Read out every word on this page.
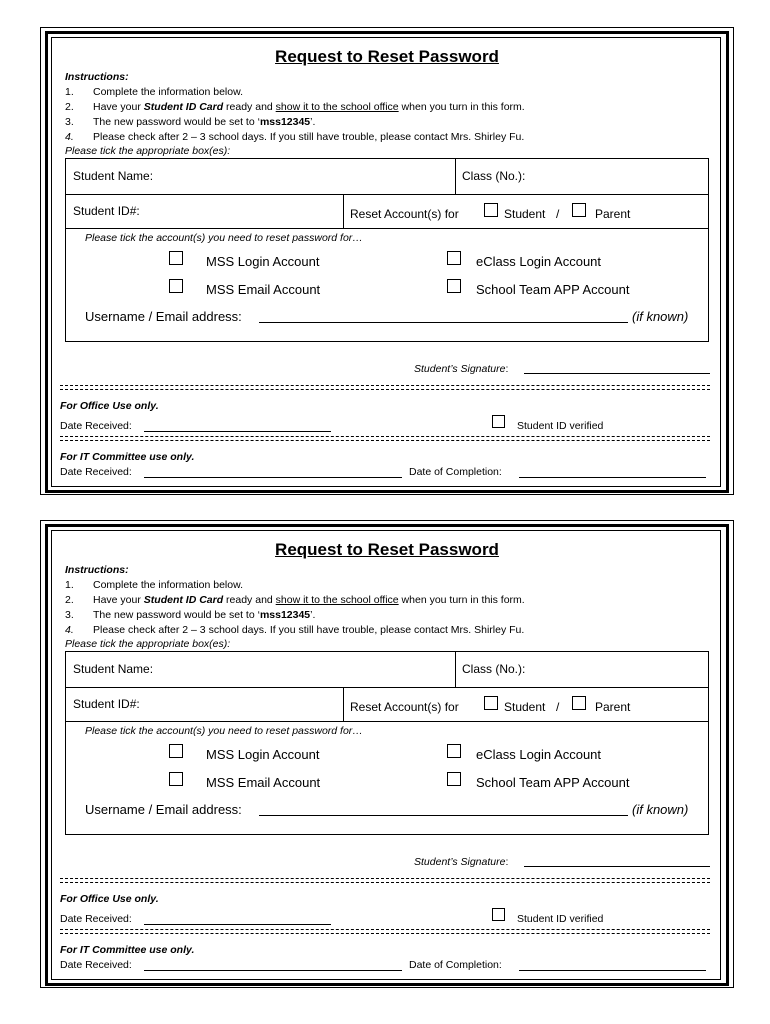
Request to Reset Password
Instructions:
1. Complete the information below.
2. Have your Student ID Card ready and show it to the school office when you turn in this form.
3. The new password would be set to ‘mss12345’.
4. Please check after 2 – 3 school days. If you still have trouble, please contact Mrs. Shirley Fu.
Please tick the appropriate box(es):
Student Name:	Class (No.):
Student ID#:	Reset Account(s) for	Student /	Parent
Please tick the account(s) you need to reset password for…
MSS Login Account	eClass Login Account
MSS Email Account	School Team APP Account
Username / Email address:	(if known)
Student’s Signature:
For Office Use only.
Date Received:	Student ID verified
For IT Committee use only.
Date Received:	Date of Completion:
Request to Reset Password
Instructions:
1. Complete the information below.
2. Have your Student ID Card ready and show it to the school office when you turn in this form.
3. The new password would be set to ‘mss12345’.
4. Please check after 2 – 3 school days. If you still have trouble, please contact Mrs. Shirley Fu.
Please tick the appropriate box(es):
Student Name:	Class (No.):
Student ID#:	Reset Account(s) for	Student /	Parent
Please tick the account(s) you need to reset password for…
MSS Login Account	eClass Login Account
MSS Email Account	School Team APP Account
Username / Email address:	(if known)
Student’s Signature:
For Office Use only.
Date Received:	Student ID verified
For IT Committee use only.
Date Received:	Date of Completion:
